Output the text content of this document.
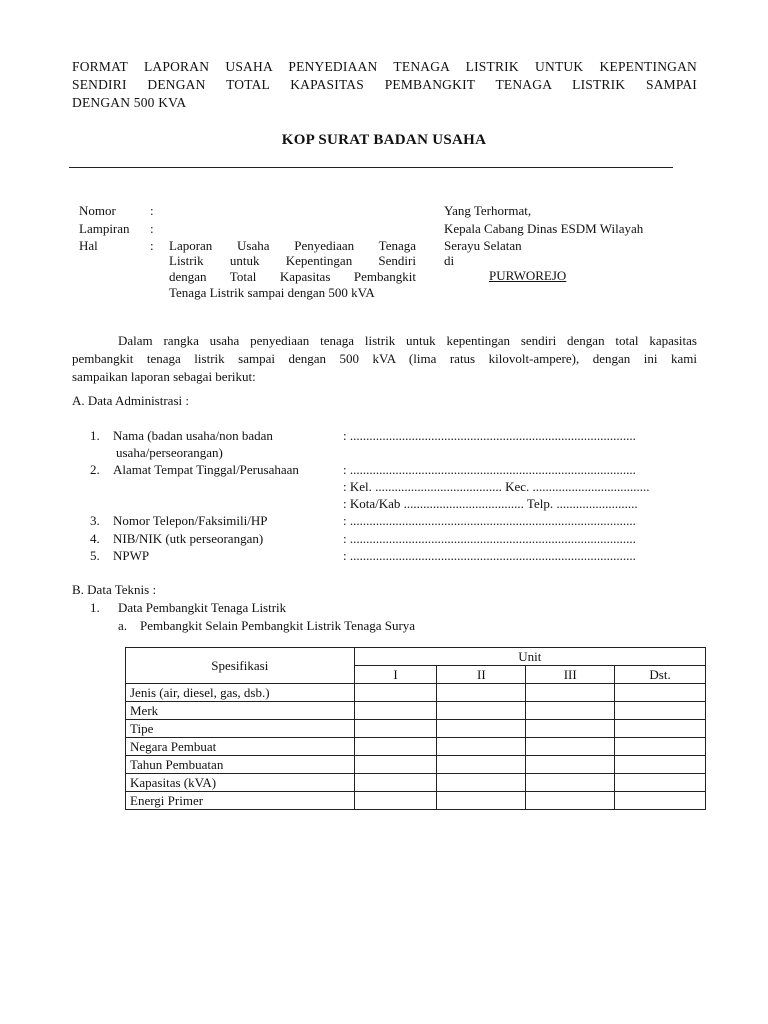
FORMAT LAPORAN USAHA PENYEDIAAN TENAGA LISTRIK UNTUK KEPENTINGAN
SENDIRI DENGAN TOTAL KAPASITAS PEMBANGKIT TENAGA LISTRIK SAMPAI
DENGAN 500 KVA
KOP SURAT BADAN USAHA
Nomor	:
Lampiran :
Hal	: Laporan Usaha Penyediaan Tenaga
Listrik untuk Kepentingan Sendiri
dengan Total Kapasitas Pembangkit
Tenaga Listrik sampai dengan 500 kVA
Yang Terhormat,
Kepala Cabang Dinas ESDM Wilayah
Serayu Selatan
di
PURWOREJO
Dalam rangka usaha penyediaan tenaga listrik untuk kepentingan sendiri dengan total kapasitas
pembangkit tenaga listrik sampai dengan 500 kVA (lima ratus kilovolt-ampere), dengan ini kami
sampaikan laporan sebagai berikut:
A. Data Administrasi :
1. Nama (badan usaha/non badan
usaha/perseorangan)
: ........................................................................................
2. Alamat Tempat Tinggal/Perusahaan	: ........................................................................................
: Kel. ....................................... Kec. ....................................
: Kota/Kab ..................................... Telp. .........................
3. Nomor Telepon/Faksimili/HP	: ........................................................................................
4. NIB/NIK (utk perseorangan)	: ........................................................................................
5. NPWP	: ........................................................................................
B. Data Teknis :
1. Data Pembangkit Tenaga Listrik
a. Pembangkit Selain Pembangkit Listrik Tenaga Surya
Spesifikasi	Unit			
	I	II	III	Dst.
Jenis (air, diesel, gas, dsb.)				
Merk				
Tipe				
Negara Pembuat				
Tahun Pembuatan				
Kapasitas (kVA)				
Energi Primer				
